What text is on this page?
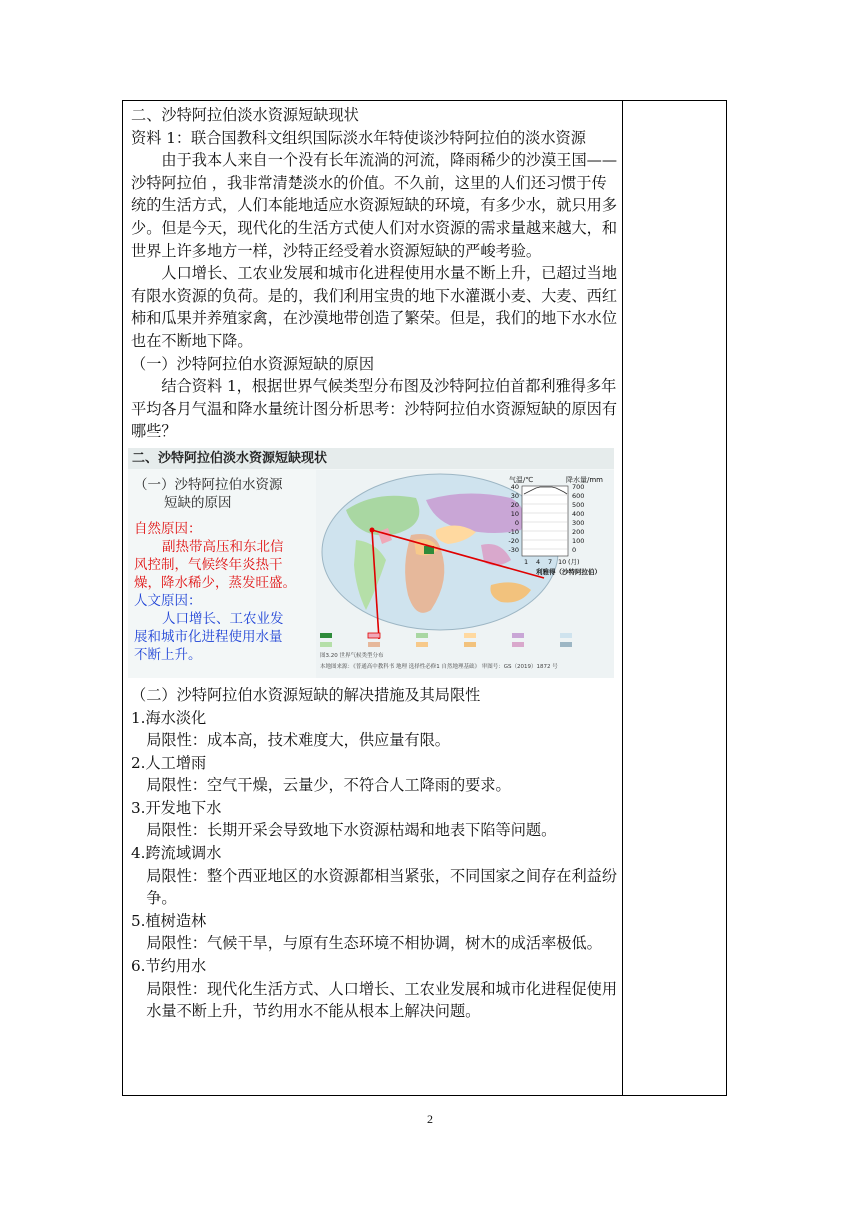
二、沙特阿拉伯淡水资源短缺现状

资料 1：联合国教科文组织国际淡水年特使谈沙特阿拉伯的淡水资源

由于我本人来自一个没有长年流淌的河流，降雨稀少的沙漠王国——沙特阿拉伯 ，我非常清楚淡水的价值。不久前，这里的人们还习惯于传统的生活方式，人们本能地适应水资源短缺的环境，有多少水，就只用多少。但是今天，现代化的生活方式使人们对水资源的需求量越来越大，和世界上许多地方一样，沙特正经受着水资源短缺的严峻考验。

人口增长、工农业发展和城市化进程使用水量不断上升，已超过当地有限水资源的负荷。是的，我们利用宝贵的地下水灌溉小麦、大麦、西红柿和瓜果并养殖家禽，在沙漠地带创造了繁荣。但是，我们的地下水水位也在不断地下降。

（一）沙特阿拉伯水资源短缺的原因

结合资料 1，根据世界气候类型分布图及沙特阿拉伯首都利雅得多年平均各月气温和降水量统计图分析思考：沙特阿拉伯水资源短缺的原因有哪些？

二、沙特阿拉伯淡水资源短缺现状
（一）沙特阿拉伯水资源
短缺的原因
自然原因：
副热带高压和东北信
风控制，气候终年炎热干
燥，降水稀少，蒸发旺盛。
人文原因：
人口增长、工农业发
展和城市化进程使用水量
不断上升。
气温/℃	降水量/mm
40
30
20
10
0
-10
-20
-30
700
600
500
400
300
200
100
0
1 4 7 10 (月)
利雅得（沙特阿拉伯）
图3.20 世界气候类型分布
本地图来源：《普通高中教科书 地理 选择性必修1 自然地理基础》 审图号：GS（2019）1872 号

（二）沙特阿拉伯水资源短缺的解决措施及其局限性

1.海水淡化

局限性：成本高，技术难度大，供应量有限。

2.人工增雨

局限性：空气干燥，云量少，不符合人工降雨的要求。

3.开发地下水

局限性：长期开采会导致地下水资源枯竭和地表下陷等问题。

4.跨流域调水

局限性：整个西亚地区的水资源都相当紧张，不同国家之间存在利益纷争。

5.植树造林

局限性：气候干旱，与原有生态环境不相协调，树木的成活率极低。

6.节约用水

局限性：现代化生活方式、人口增长、工农业发展和城市化进程促使用水量不断上升，节约用水不能从根本上解决问题。

2
